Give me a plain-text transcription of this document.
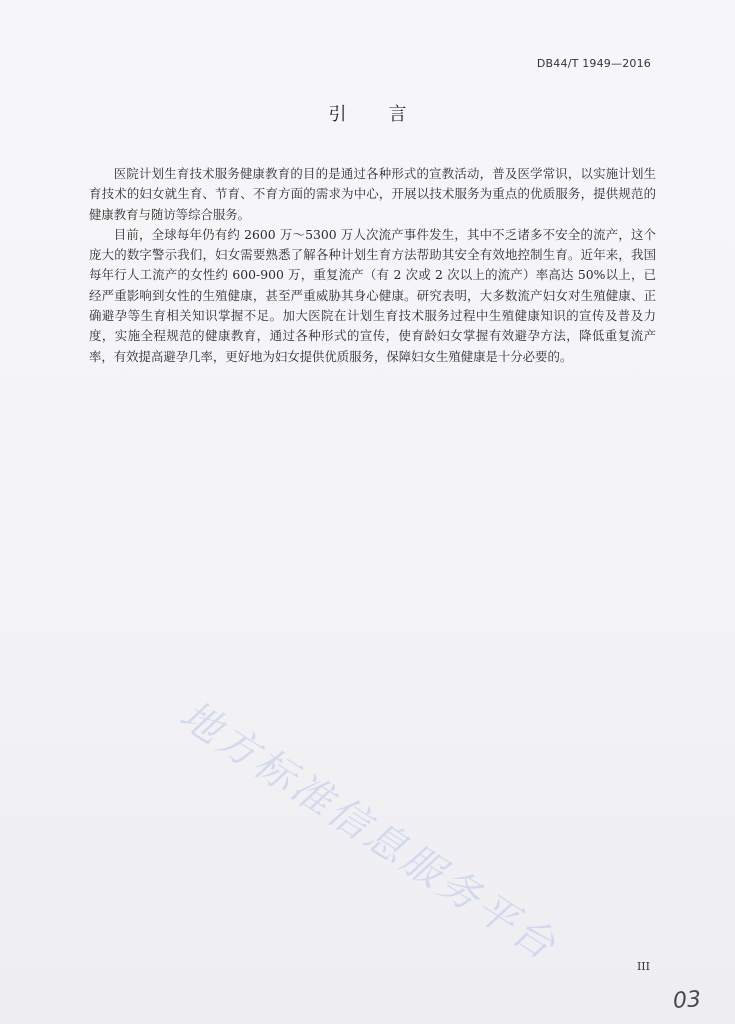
DB44/T 1949—2016
引言

医院计划生育技术服务健康教育的目的是通过各种形式的宣教活动，普及医学常识，以实施计划生育技术的妇女就生育、节育、不育方面的需求为中心，开展以技术服务为重点的优质服务，提供规范的健康教育与随访等综合服务。

目前，全球每年仍有约 2600 万～5300 万人次流产事件发生，其中不乏诸多不安全的流产，这个庞大的数字警示我们，妇女需要熟悉了解各种计划生育方法帮助其安全有效地控制生育。近年来，我国每年行人工流产的女性约 600-900 万，重复流产（有 2 次或 2 次以上的流产）率高达 50%以上，已经严重影响到女性的生殖健康，甚至严重威胁其身心健康。研究表明，大多数流产妇女对生殖健康、正确避孕等生育相关知识掌握不足。加大医院在计划生育技术服务过程中生殖健康知识的宣传及普及力度，实施全程规范的健康教育，通过各种形式的宣传，使育龄妇女掌握有效避孕方法，降低重复流产率，有效提高避孕几率，更好地为妇女提供优质服务，保障妇女生殖健康是十分必要的。

地方标准信息服务平台	III
03
